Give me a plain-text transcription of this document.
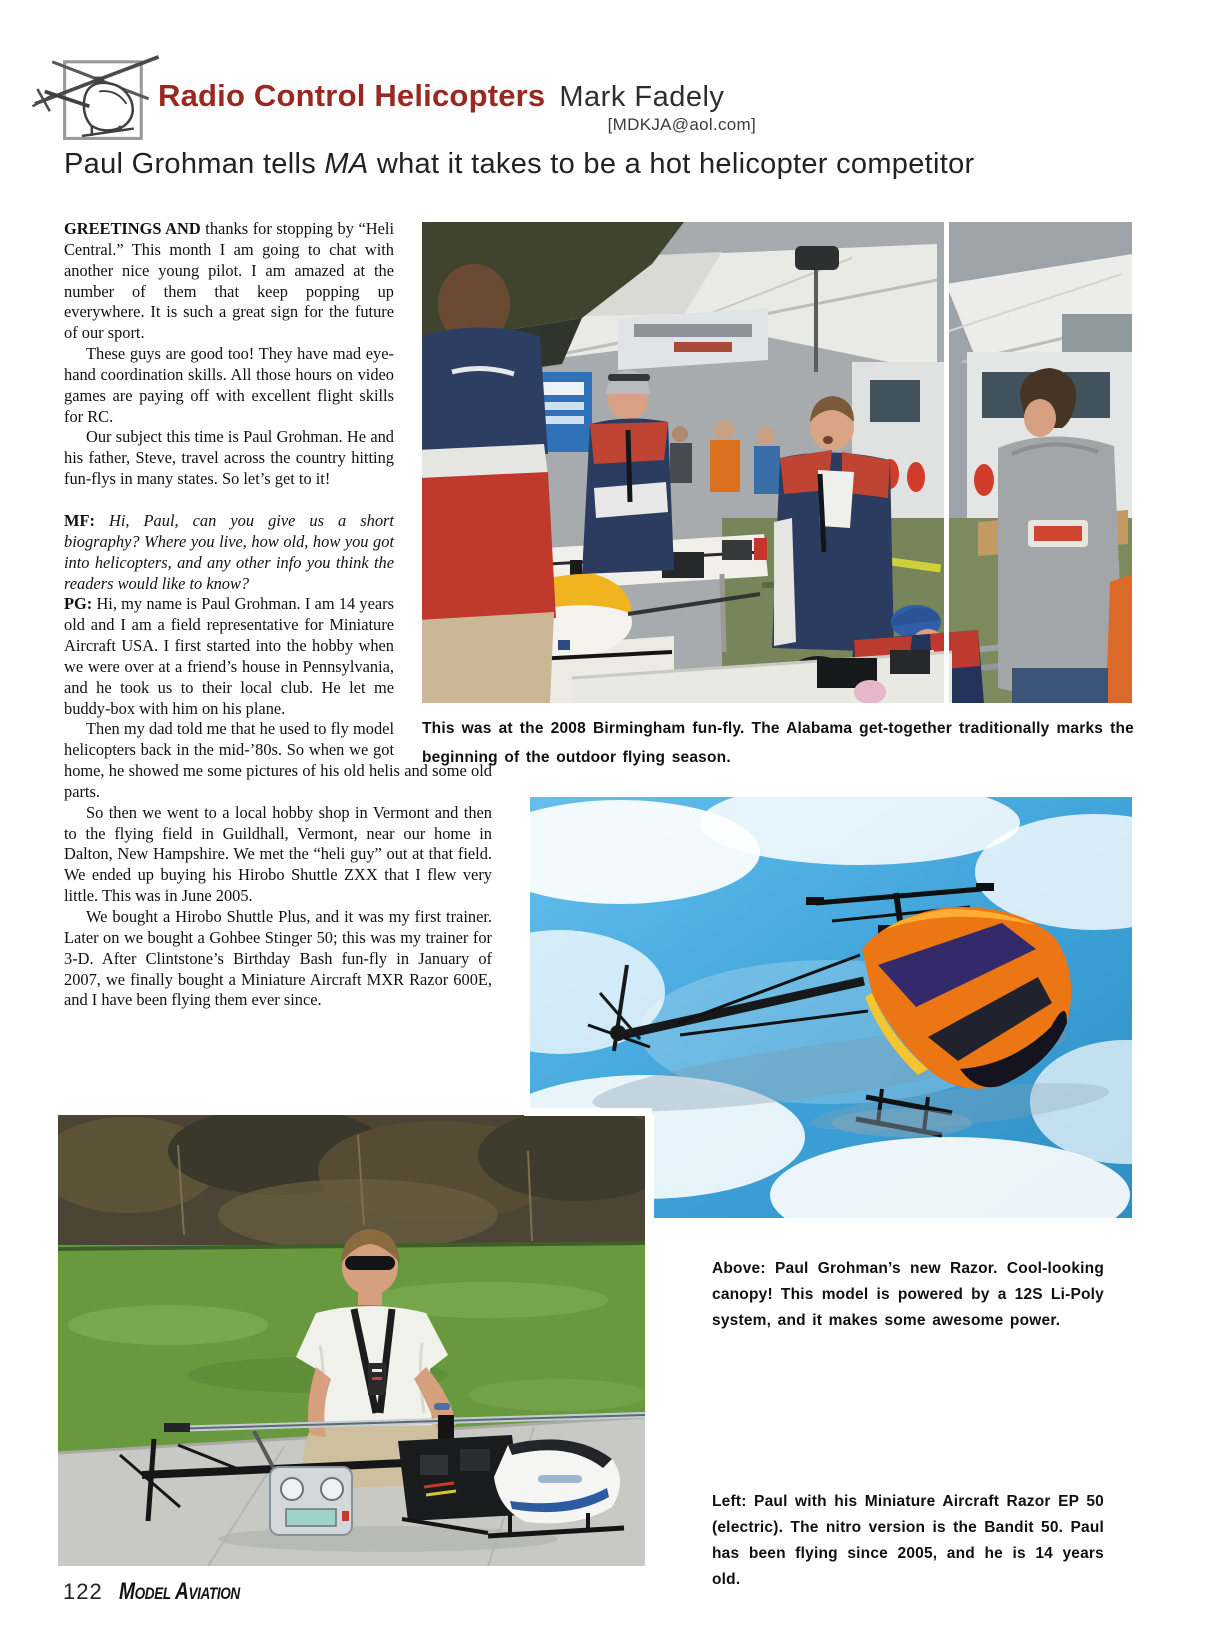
Radio Control Helicopters Mark Fadely
[MDKJA@aol.com]
Paul Grohman tells MA what it takes to be a hot helicopter competitor

GREETINGS AND thanks for stopping by “Heli Central.” This month I am going to chat with another nice young pilot. I am amazed at the number of them that keep popping up everywhere. It is such a great sign for the future of our sport.

These guys are good too! They have mad eye-hand coordination skills. All those hours on video games are paying off with excellent flight skills for RC.

Our subject this time is Paul Grohman. He and his father, Steve, travel across the country hitting fun-flys in many states. So let’s get to it!

MF: Hi, Paul, can you give us a short biography? Where you live, how old, how you got into helicopters, and any other info you think the readers would like to know?

PG: Hi, my name is Paul Grohman. I am 14 years old and I am a field representative for Miniature Aircraft USA. I first started into the hobby when we were over at a friend’s house in Pennsylvania, and he took us to their local club. He let me buddy-box with him on his plane.

Then my dad told me that he used to fly model helicopters back in the mid-’80s. So when we got home, he showed me some pictures of his old helis and some old parts.

So then we went to a local hobby shop in Vermont and then to the flying field in Guildhall, Vermont, near our home in Dalton, New Hampshire. We met the “heli guy” out at that field. We ended up buying his Hirobo Shuttle ZXX that I flew very little. This was in June 2005.

We bought a Hirobo Shuttle Plus, and it was my first trainer. Later on we bought a Gohbee Stinger 50; this was my trainer for 3-D. After Clintstone’s Birthday Bash fun-fly in January of 2007, we finally bought a Miniature Aircraft MXR Razor 600E, and I have been flying them ever since.

This was at the 2008 Birmingham fun-fly. The Alabama get-together traditionally marks the beginning of the outdoor flying season.
Above: Paul Grohman’s new Razor. Cool-looking canopy! This model is powered by a 12S Li-Poly system, and it makes some awesome power.
Left: Paul with his Miniature Aircraft Razor EP 50 (electric). The nitro version is the Bandit 50. Paul has been flying since 2005, and he is 14 years old.
122 Model Aviation
